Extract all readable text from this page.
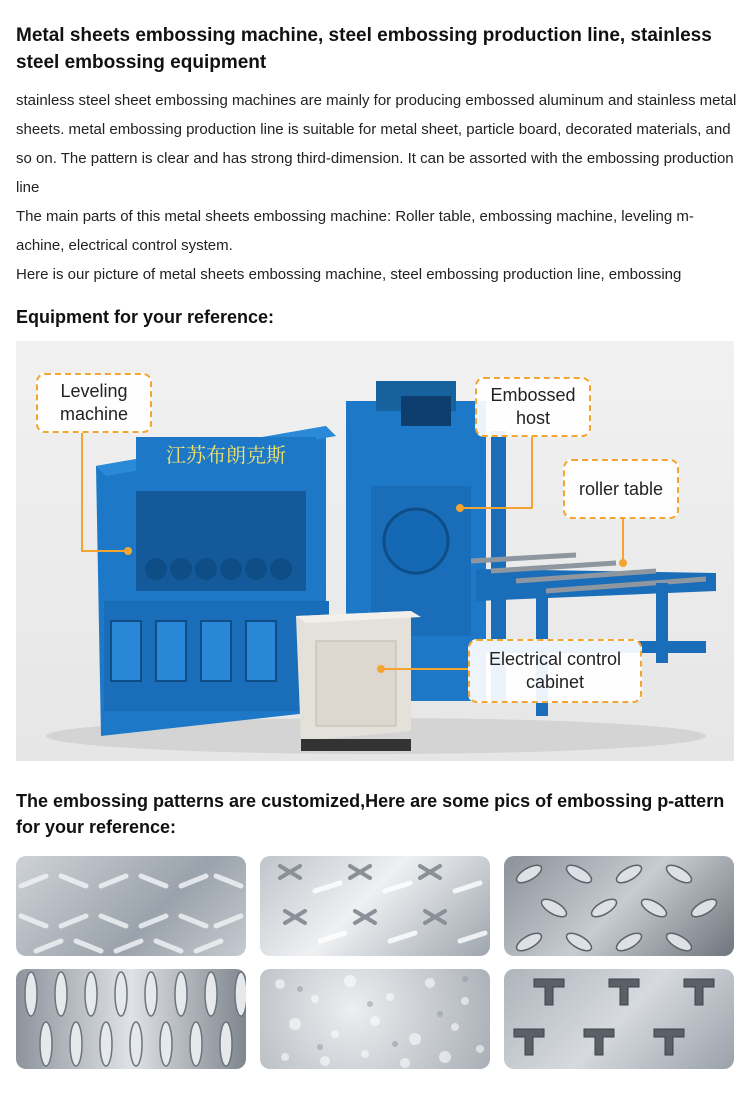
Metal sheets embossing machine, steel embossing production line, stainless steel embossing equipment

stainless steel sheet embossing machines are mainly for producing embossed aluminum and stainless metal sheets. metal embossing production line is suitable for metal sheet, particle board, decorated materials, and so on. The pattern is clear and has strong third-dimension. It can be assorted with the embossing production line

The main parts of this metal sheets embossing machine: Roller table, embossing machine, leveling m-achine, electrical control system.

Here is our picture of metal sheets embossing machine, steel embossing production line, embossing

Equipment for your reference:
江苏布朗克斯
Leveling
machine
Embossed
host
roller table
Electrical control
cabinet
The embossing patterns are customized,Here are some pics of embossing p-attern for your reference:
